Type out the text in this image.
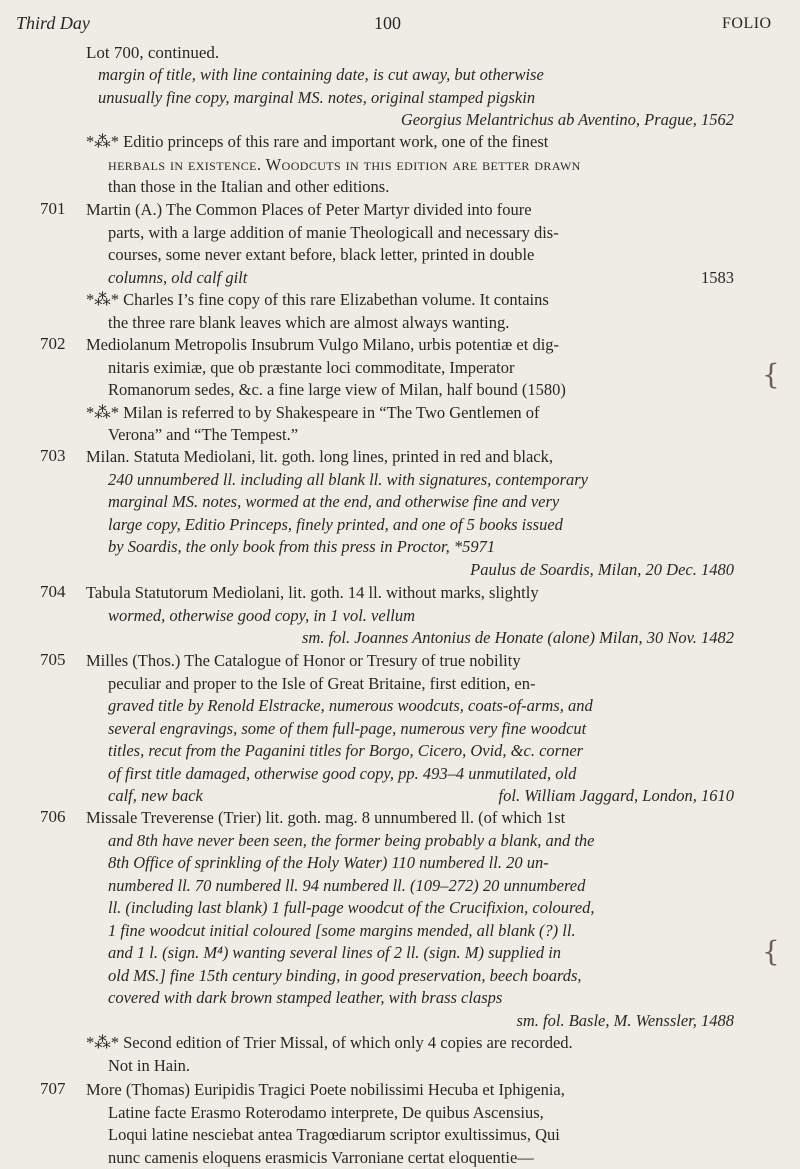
Third Day	100	FOLIO
Lot 700, continued.

margin of title, with line containing date, is cut away, but otherwise

unusually fine copy, marginal MS. notes, original stamped pigskin

Georgius Melantrichus ab Aventino, Prague, 1562

*⁂* Editio princeps of this rare and important work, one of the finest

herbals in existence. Woodcuts in this edition are better drawn

than those in the Italian and other editions.

701 Martin (A.) The Common Places of Peter Martyr divided into foure

parts, with a large addition of manie Theologicall and necessary dis-

courses, some never extant before, black letter, printed in double

columns, old calf gilt	1583

*⁂* Charles I’s fine copy of this rare Elizabethan volume. It contains

the three rare blank leaves which are almost always wanting.

702 Mediolanum Metropolis Insubrum Vulgo Milano, urbis potentiæ et dig-

nitaris eximiæ, que ob præstante loci commoditate, Imperator

Romanorum sedes, &c. a fine large view of Milan, half bound (1580)

*⁂* Milan is referred to by Shakespeare in “The Two Gentlemen of

Verona” and “The Tempest.”

703 Milan. Statuta Mediolani, lit. goth. long lines, printed in red and black,

240 unnumbered ll. including all blank ll. with signatures, contemporary

marginal MS. notes, wormed at the end, and otherwise fine and very

large copy, Editio Princeps, finely printed, and one of 5 books issued

by Soardis, the only book from this press in Proctor, *5971

Paulus de Soardis, Milan, 20 Dec. 1480

704 Tabula Statutorum Mediolani, lit. goth. 14 ll. without marks, slightly

wormed, otherwise good copy, in 1 vol. vellum

sm. fol. Joannes Antonius de Honate (alone) Milan, 30 Nov. 1482

705 Milles (Thos.) The Catalogue of Honor or Tresury of true nobility

peculiar and proper to the Isle of Great Britaine, first edition, en-

graved title by Renold Elstracke, numerous woodcuts, coats-of-arms, and

several engravings, some of them full-page, numerous very fine woodcut

titles, recut from the Paganini titles for Borgo, Cicero, Ovid, &c. corner

of first title damaged, otherwise good copy, pp. 493–4 unmutilated, old

calf, new back	fol. William Jaggard, London, 1610

706 Missale Treverense (Trier) lit. goth. mag. 8 unnumbered ll. (of which 1st

and 8th have never been seen, the former being probably a blank, and the

8th Office of sprinkling of the Holy Water) 110 numbered ll. 20 un-

numbered ll. 70 numbered ll. 94 numbered ll. (109–272) 20 unnumbered

ll. (including last blank) 1 full-page woodcut of the Crucifixion, coloured,

1 fine woodcut initial coloured [some margins mended, all blank (?) ll.

and 1 l. (sign. M⁴) wanting several lines of 2 ll. (sign. M) supplied in

old MS.] fine 15th century binding, in good preservation, beech boards,

covered with dark brown stamped leather, with brass clasps

sm. fol. Basle, M. Wenssler, 1488

*⁂* Second edition of Trier Missal, of which only 4 copies are recorded.

Not in Hain.

707 More (Thomas) Euripidis Tragici Poete nobilissimi Hecuba et Iphigenia,

Latine facte Erasmo Roterodamo interprete, De quibus Ascensius,

Loqui latine nesciebat antea Tragœdiarum scriptor exultissimus, Qui

nunc camenis eloquens erasmicis Varroniane certat eloquentie—

{
{
